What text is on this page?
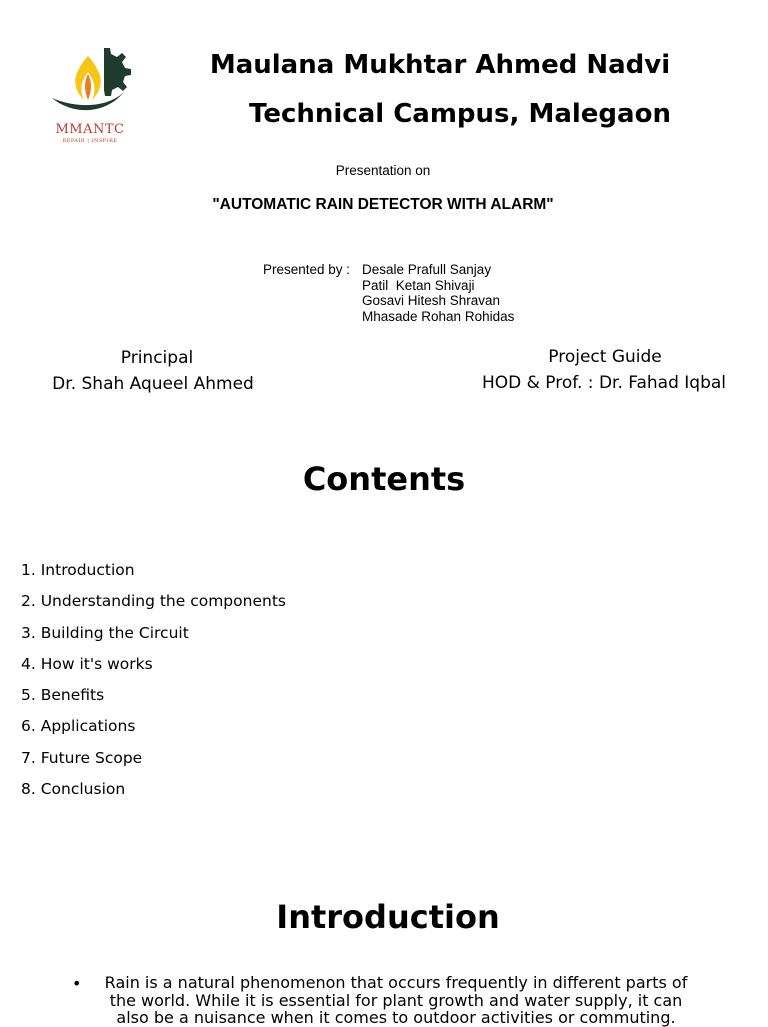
MMANTC
REPAIR | INSPIRE
Maulana Mukhtar Ahmed Nadvi
Technical Campus, Malegaon
Presentation on
"AUTOMATIC RAIN DETECTOR WITH ALARM"
Presented by : Desale Prafull Sanjay
Patil  Ketan Shivaji
Gosavi Hitesh Shravan
Mhasade Rohan Rohidas
Principal
Dr. Shah Aqueel Ahmed
Project Guide
HOD & Prof. : Dr. Fahad Iqbal
Contents
1. Introduction
2. Understanding the components
3. Building the Circuit
4. How it's works
5. Benefits
6. Applications
7. Future Scope
8. Conclusion
Introduction
• Rain is a natural phenomenon that occurs frequently in different parts of the world. While it is essential for plant growth and water supply, it can also be a nuisance when it comes to outdoor activities or commuting.
